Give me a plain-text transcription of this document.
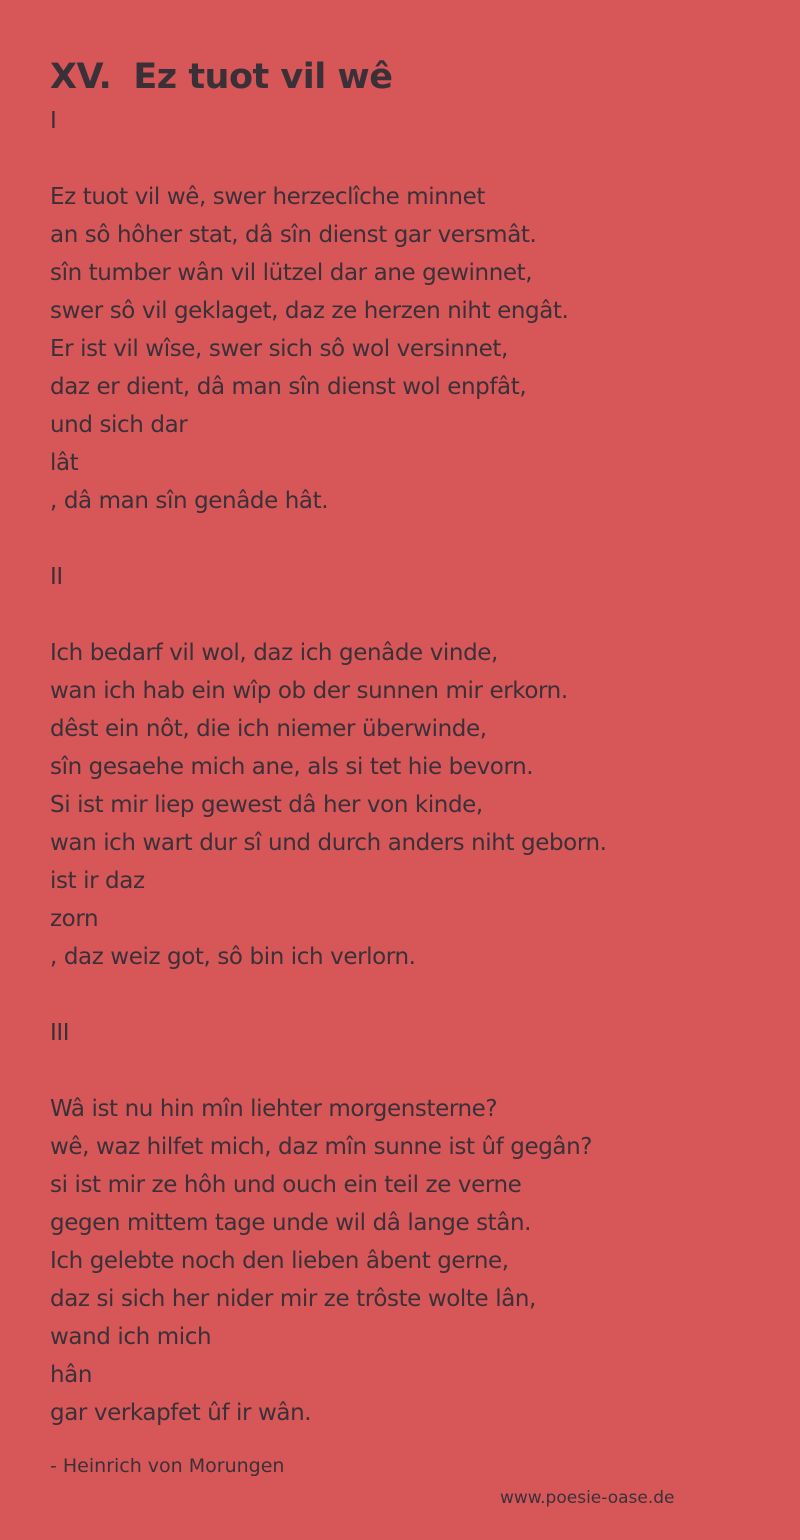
XV. Ez tuot vil wê
I
Ez tuot vil wê, swer herzeclîche minnet
an sô hôher stat, dâ sîn dienst gar versmât.
sîn tumber wân vil lützel dar ane gewinnet,
swer sô vil geklaget, daz ze herzen niht engât.
Er ist vil wîse, swer sich sô wol versinnet,
daz er dient, dâ man sîn dienst wol enpfât,
und sich dar
lât
, dâ man sîn genâde hât.
II
Ich bedarf vil wol, daz ich genâde vinde,
wan ich hab ein wîp ob der sunnen mir erkorn.
dêst ein nôt, die ich niemer überwinde,
sîn gesaehe mich ane, als si tet hie bevorn.
Si ist mir liep gewest dâ her von kinde,
wan ich wart dur sî und durch anders niht geborn.
ist ir daz
zorn
, daz weiz got, sô bin ich verlorn.
III
Wâ ist nu hin mîn liehter morgensterne?
wê, waz hilfet mich, daz mîn sunne ist ûf gegân?
si ist mir ze hôh und ouch ein teil ze verne
gegen mittem tage unde wil dâ lange stân.
Ich gelebte noch den lieben âbent gerne,
daz si sich her nider mir ze trôste wolte lân,
wand ich mich
hân
gar verkapfet ûf ir wân.
- Heinrich von Morungen
www.poesie-oase.de
